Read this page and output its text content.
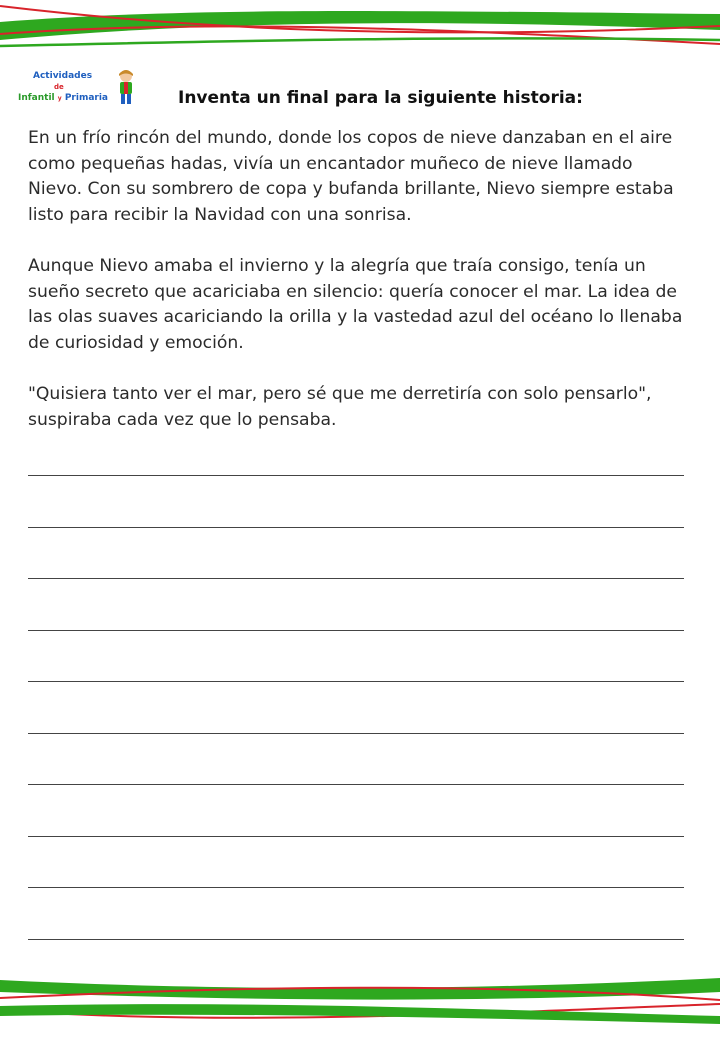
Actividades
de
Infantil y Primaria	Inventa un final para la siguiente historia:

En un frío rincón del mundo, donde los copos de nieve danzaban en el aire como pequeñas hadas, vivía un encantador muñeco de nieve llamado Nievo. Con su sombrero de copa y bufanda brillante, Nievo siempre estaba listo para recibir la Navidad con una sonrisa.

Aunque Nievo amaba el invierno y la alegría que traía consigo, tenía un sueño secreto que acariciaba en silencio: quería conocer el mar. La idea de las olas suaves acariciando la orilla y la vastedad azul del océano lo llenaba de curiosidad y emoción.

"Quisiera tanto ver el mar, pero sé que me derretiría con solo pensarlo", suspiraba cada vez que lo pensaba.
